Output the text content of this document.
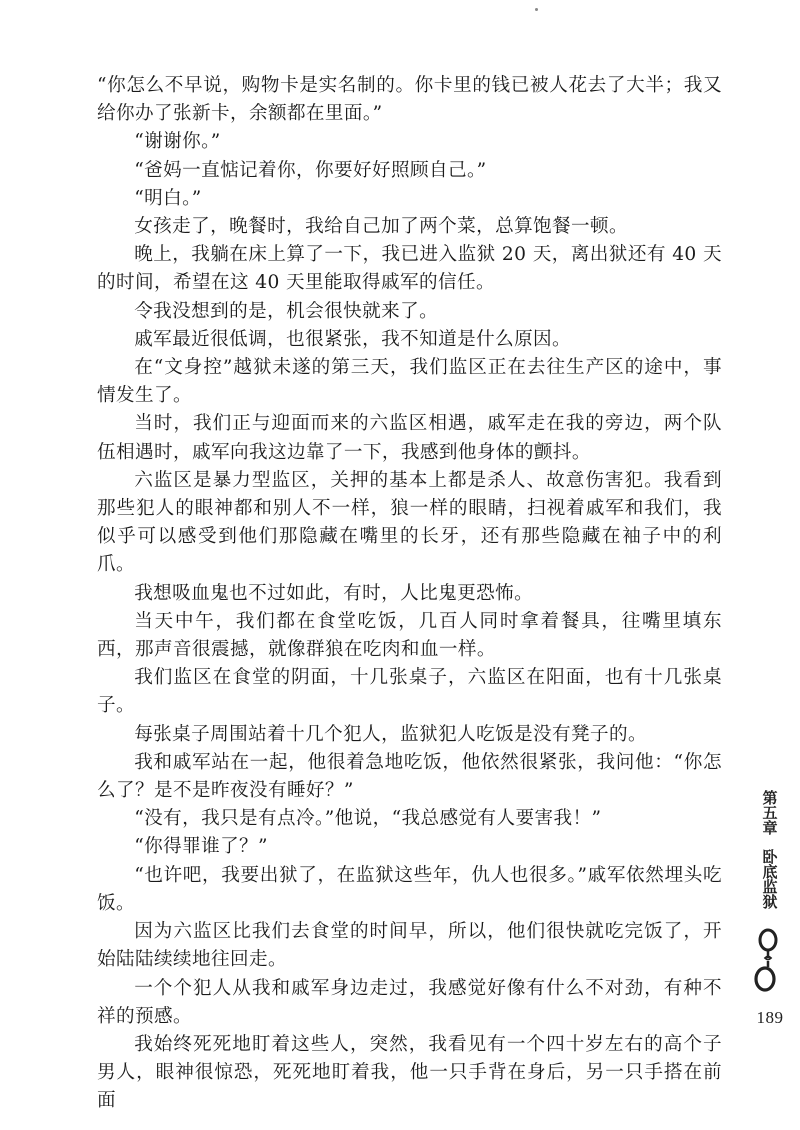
“你怎么不早说，购物卡是实名制的。你卡里的钱已被人花去了大半；我又给你办了张新卡，余额都在里面。”

“谢谢你。”

“爸妈一直惦记着你，你要好好照顾自己。”

“明白。”

女孩走了，晚餐时，我给自己加了两个菜，总算饱餐一顿。

晚上，我躺在床上算了一下，我已进入监狱 20 天，离出狱还有 40 天的时间，希望在这 40 天里能取得戚军的信任。

令我没想到的是，机会很快就来了。

戚军最近很低调，也很紧张，我不知道是什么原因。

在“文身控”越狱未遂的第三天，我们监区正在去往生产区的途中，事情发生了。

当时，我们正与迎面而来的六监区相遇，戚军走在我的旁边，两个队伍相遇时，戚军向我这边靠了一下，我感到他身体的颤抖。

六监区是暴力型监区，关押的基本上都是杀人、故意伤害犯。我看到那些犯人的眼神都和别人不一样，狼一样的眼睛，扫视着戚军和我们，我似乎可以感受到他们那隐藏在嘴里的长牙，还有那些隐藏在袖子中的利爪。

我想吸血鬼也不过如此，有时，人比鬼更恐怖。

当天中午，我们都在食堂吃饭，几百人同时拿着餐具，往嘴里填东西，那声音很震撼，就像群狼在吃肉和血一样。

我们监区在食堂的阴面，十几张桌子，六监区在阳面，也有十几张桌子。

每张桌子周围站着十几个犯人，监狱犯人吃饭是没有凳子的。

我和戚军站在一起，他很着急地吃饭，他依然很紧张，我问他：“你怎么了？是不是昨夜没有睡好？”

“没有，我只是有点冷。”他说，“我总感觉有人要害我！”

“你得罪谁了？”

“也许吧，我要出狱了，在监狱这些年，仇人也很多。”戚军依然埋头吃饭。

因为六监区比我们去食堂的时间早，所以，他们很快就吃完饭了，开始陆陆续续地往回走。

一个个犯人从我和戚军身边走过，我感觉好像有什么不对劲，有种不祥的预感。

我始终死死地盯着这些人，突然，我看见有一个四十岁左右的高个子男人，眼神很惊恐，死死地盯着我，他一只手背在身后，另一只手搭在前面

第五章
卧底监狱
189
